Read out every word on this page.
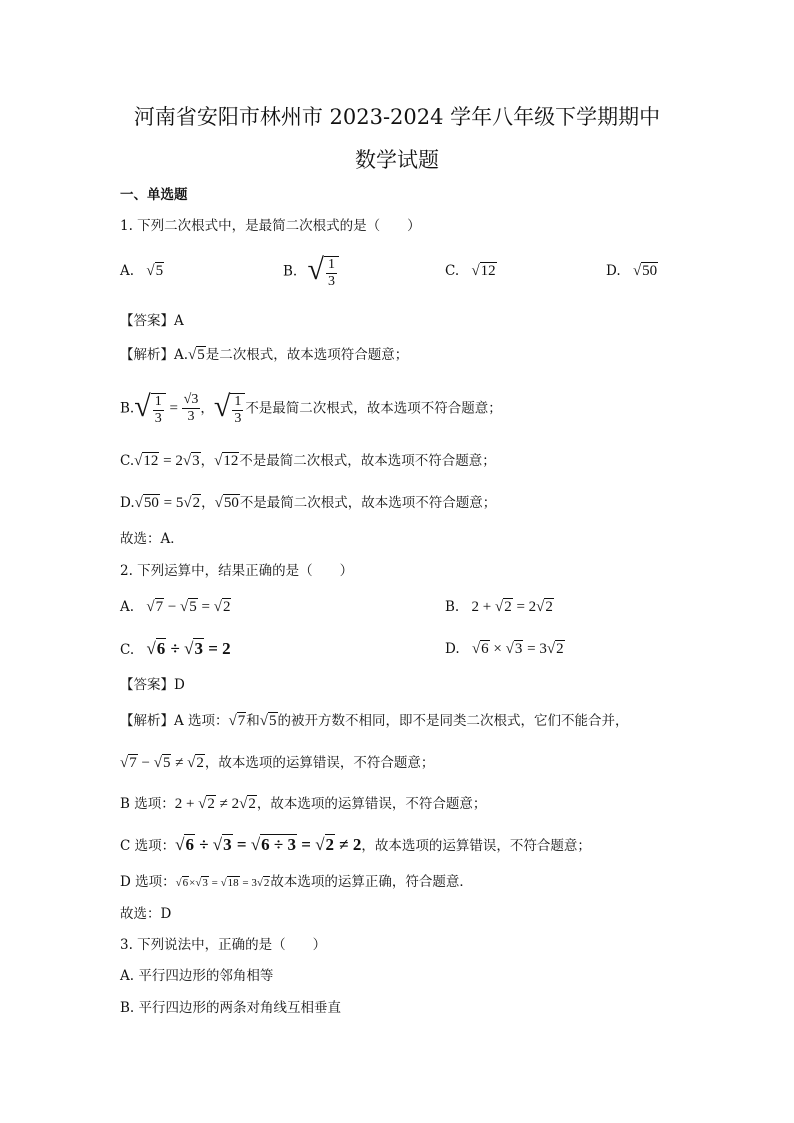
河南省安阳市林州市 2023-2024 学年八年级下学期期中
数学试题
一、单选题
1. 下列二次根式中，是最简二次根式的是（　　）
A. √5	B. √ $\frac{1}{3}$	C. √12	D. √50
【答案】A
【解析】A.√5是二次根式，故本选项符合题意；
B. √ $\frac{1}{3} = \frac{√3}{3}$ ， √ $\frac{1}{3}$ 不是最简二次根式，故本选项不符合题意；
C.√12 = 2√3，√12不是最简二次根式，故本选项不符合题意；
D.√50 = 5√2，√50不是最简二次根式，故本选项不符合题意；
故选：A．
2. 下列运算中，结果正确的是（　　）
A. √7 − √5 = √2	B. 2 + √2 = 2√2
C. √6 ÷ √3 = 2	D. √6 × √3 = 3√2
【答案】D
【解析】A 选项：√7和√5的被开方数不相同，即不是同类二次根式，它们不能合并，
√7 − √5 ≠ √2，故本选项的运算错误，不符合题意；
B 选项：2 + √2 ≠ 2√2，故本选项的运算错误，不符合题意；
C 选项：√6 ÷ √3 = √6 ÷ 3 = √2 ≠ 2，故本选项的运算错误，不符合题意；
D 选项：√6×√3 = √18 = 3√2故本选项的运算正确，符合题意．
故选：D
3. 下列说法中，正确的是（　　）
A. 平行四边形的邻角相等
B. 平行四边形的两条对角线互相垂直
